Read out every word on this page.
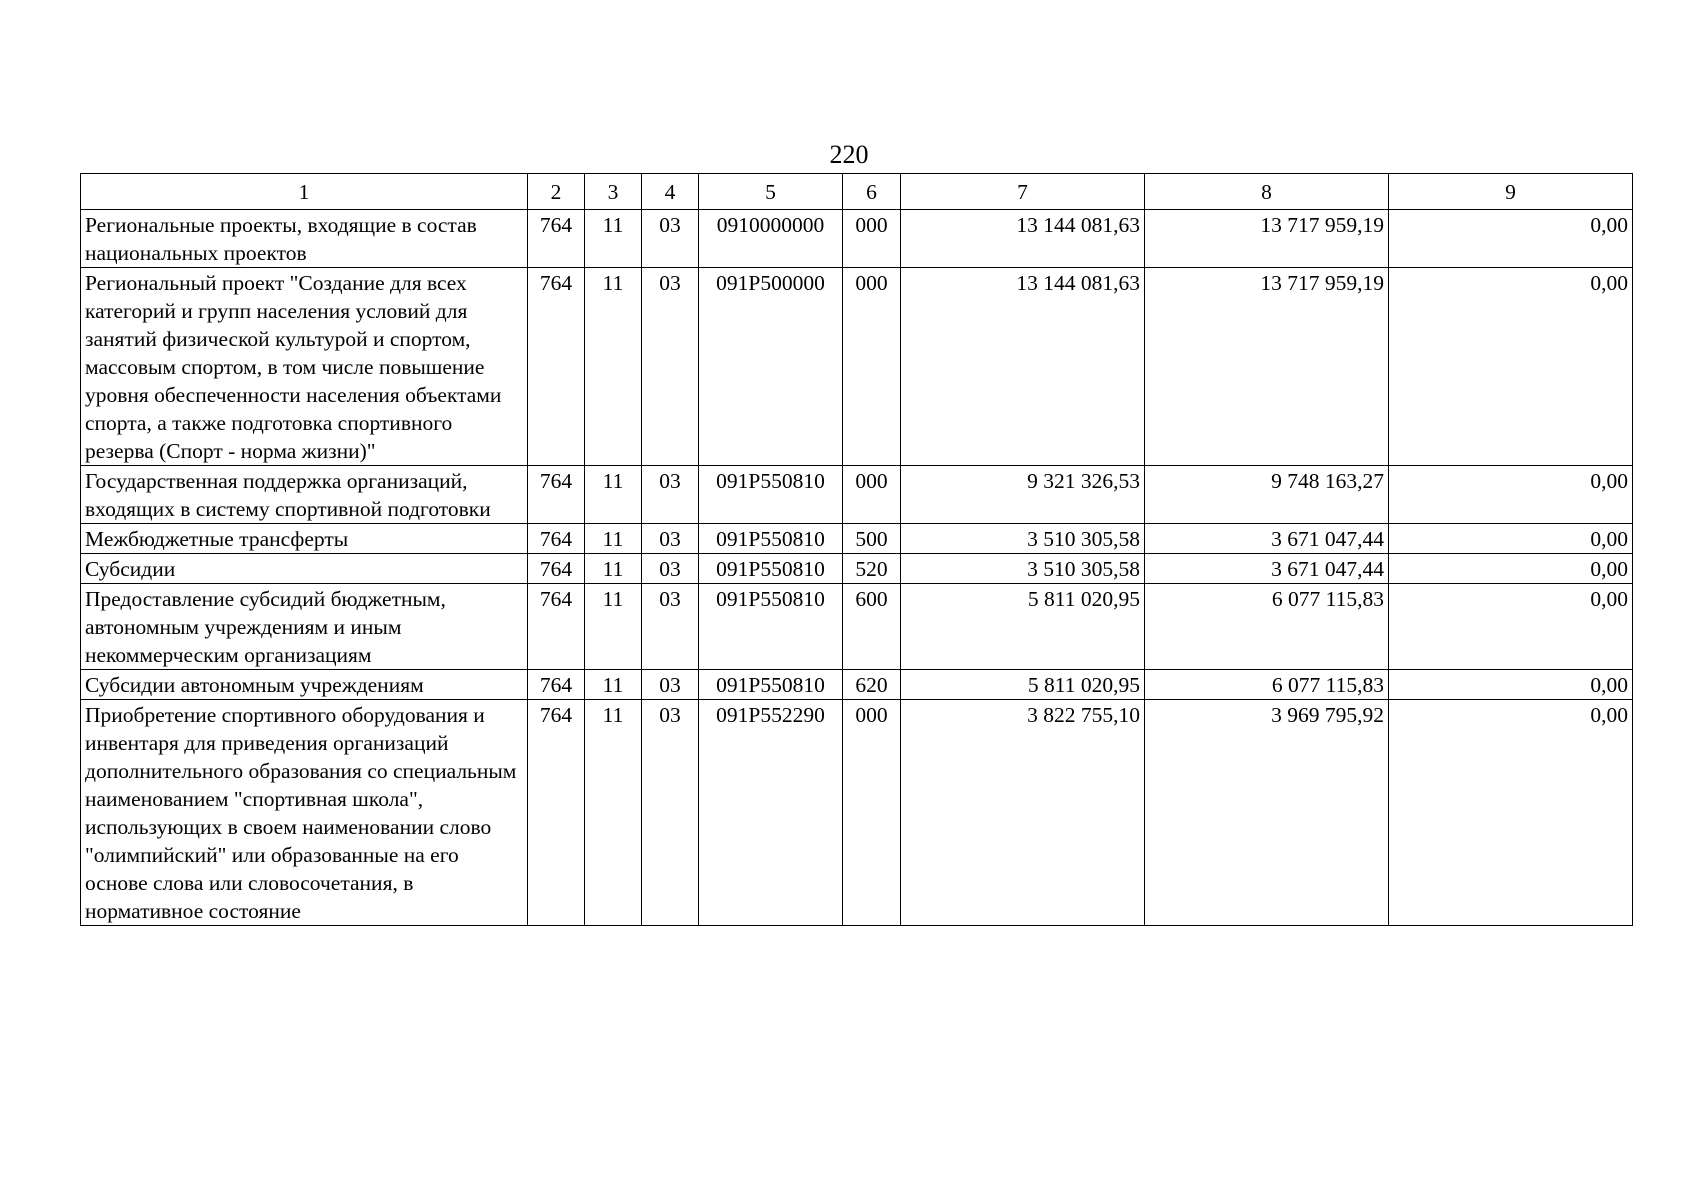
220
1	2	3	4	5	6	7	8	9
Региональные проекты, входящие в состав национальных проектов	764	11	03	0910000000	000	13 144 081,63	13 717 959,19	0,00
Региональный проект "Создание для всех категорий и групп населения условий для занятий физической культурой и спортом, массовым спортом, в том числе повышение уровня обеспеченности населения объектами спорта, а также подготовка спортивного резерва (Спорт - норма жизни)"	764	11	03	091P500000	000	13 144 081,63	13 717 959,19	0,00
Государственная поддержка организаций, входящих в систему спортивной подготовки	764	11	03	091P550810	000	9 321 326,53	9 748 163,27	0,00
Межбюджетные трансферты	764	11	03	091P550810	500	3 510 305,58	3 671 047,44	0,00
Субсидии	764	11	03	091P550810	520	3 510 305,58	3 671 047,44	0,00
Предоставление субсидий бюджетным, автономным учреждениям и иным некоммерческим организациям	764	11	03	091P550810	600	5 811 020,95	6 077 115,83	0,00
Субсидии автономным учреждениям	764	11	03	091P550810	620	5 811 020,95	6 077 115,83	0,00
Приобретение спортивного оборудования и инвентаря для приведения организаций дополнительного образования со специальным наименованием "спортивная школа", использующих в своем наименовании слово "олимпийский" или образованные на его основе слова или словосочетания, в нормативное состояние	764	11	03	091P552290	000	3 822 755,10	3 969 795,92	0,00
